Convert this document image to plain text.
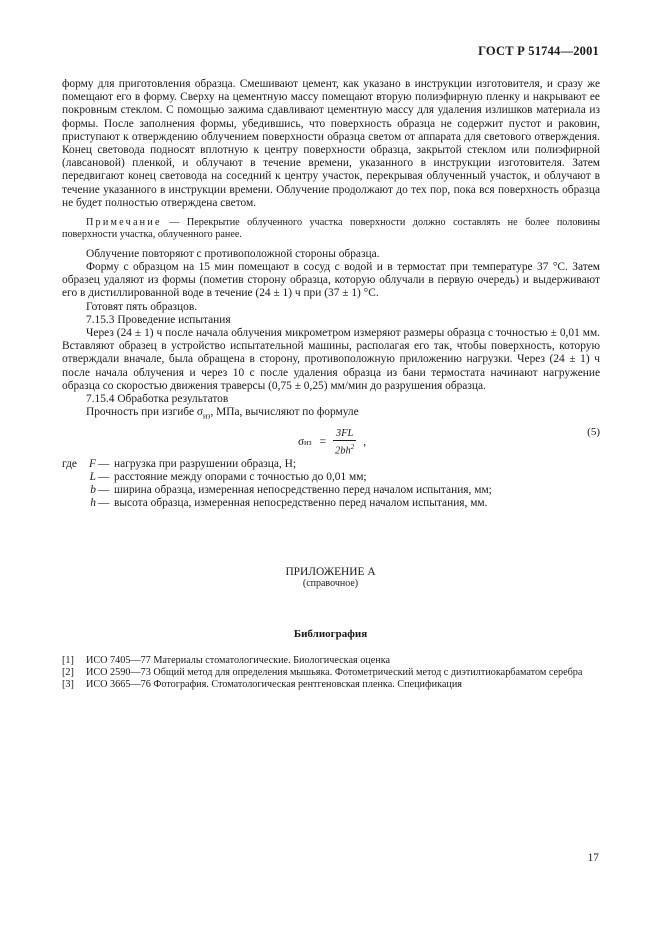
ГОСТ Р 51744—2001

форму для приготовления образца. Смешивают цемент, как указано в инструкции изготовителя, и сразу же помещают его в форму. Сверху на цементную массу помещают вторую полиэфирную пленку и накрывают ее покровным стеклом. С помощью зажима сдавливают цементную массу для удаления излишков материала из формы. После заполнения формы, убедившись, что поверхность образца не содержит пустот и раковин, приступают к отверждению облучением поверхности образца светом от аппарата для светового отверждения. Конец световода подносят вплотную к центру поверхности образца, закрытой стеклом или полиэфирной (лавсановой) пленкой, и облучают в течение времени, указанного в инструкции изготовителя. Затем передвигают конец световода на соседний к центру участок, перекрывая облученный участок, и облучают в течение указанного в инструкции времени. Облучение продолжают до тех пор, пока вся поверхность образца не будет полностью отверждена светом.

Примечание — Перекрытие облученного участка поверхности должно составлять не более половины поверхности участка, облученного ранее.

Облучение повторяют с противоположной стороны образца.

Форму с образцом на 15 мин помещают в сосуд с водой и в термостат при температуре 37 °С. Затем образец удаляют из формы (пометив сторону образца, которую облучали в первую очередь) и выдерживают его в дистиллированной воде в течение (24 ± 1) ч при (37 ± 1) °С.

Готовят пять образцов.

7.15.3 Проведение испытания

Через (24 ± 1) ч после начала облучения микрометром измеряют размеры образца с точностью ± 0,01 мм. Вставляют образец в устройство испытательной машины, располагая его так, чтобы поверхность, которую отверждали вначале, была обращена в сторону, противоположную приложению нагрузки. Через (24 ± 1) ч после начала облучения и через 10 с после удаления образца из бани термостата начинают нагружение образца со скоростью движения траверсы (0,75 ± 0,25) мм/мин до разрушения образца.

7.15.4 Обработка результатов

Прочность при изгибе $\sigma_{из}$, МПа, вычисляют по формуле

σ из = $\frac{3FL}{2bh^2}$ ,
(5)
где	F — нагрузка при разрушении образца, Н;
L — расстояние между опорами с точностью до 0,01 мм;
b — ширина образца, измеренная непосредственно перед началом испытания, мм;
h — высота образца, измеренная непосредственно перед началом испытания, мм.
ПРИЛОЖЕНИЕ А
(справочное)
Библиография
[1]	ИСО 7405—77 Материалы стоматологические. Биологическая оценка
[2]	ИСО 2590—73 Общий метод для определения мышьяка. Фотометрический метод с диэтилтиокарбаматом серебра
[3]	ИСО 3665—76 Фотография. Стоматологическая рентгеновская пленка. Спецификация
17
